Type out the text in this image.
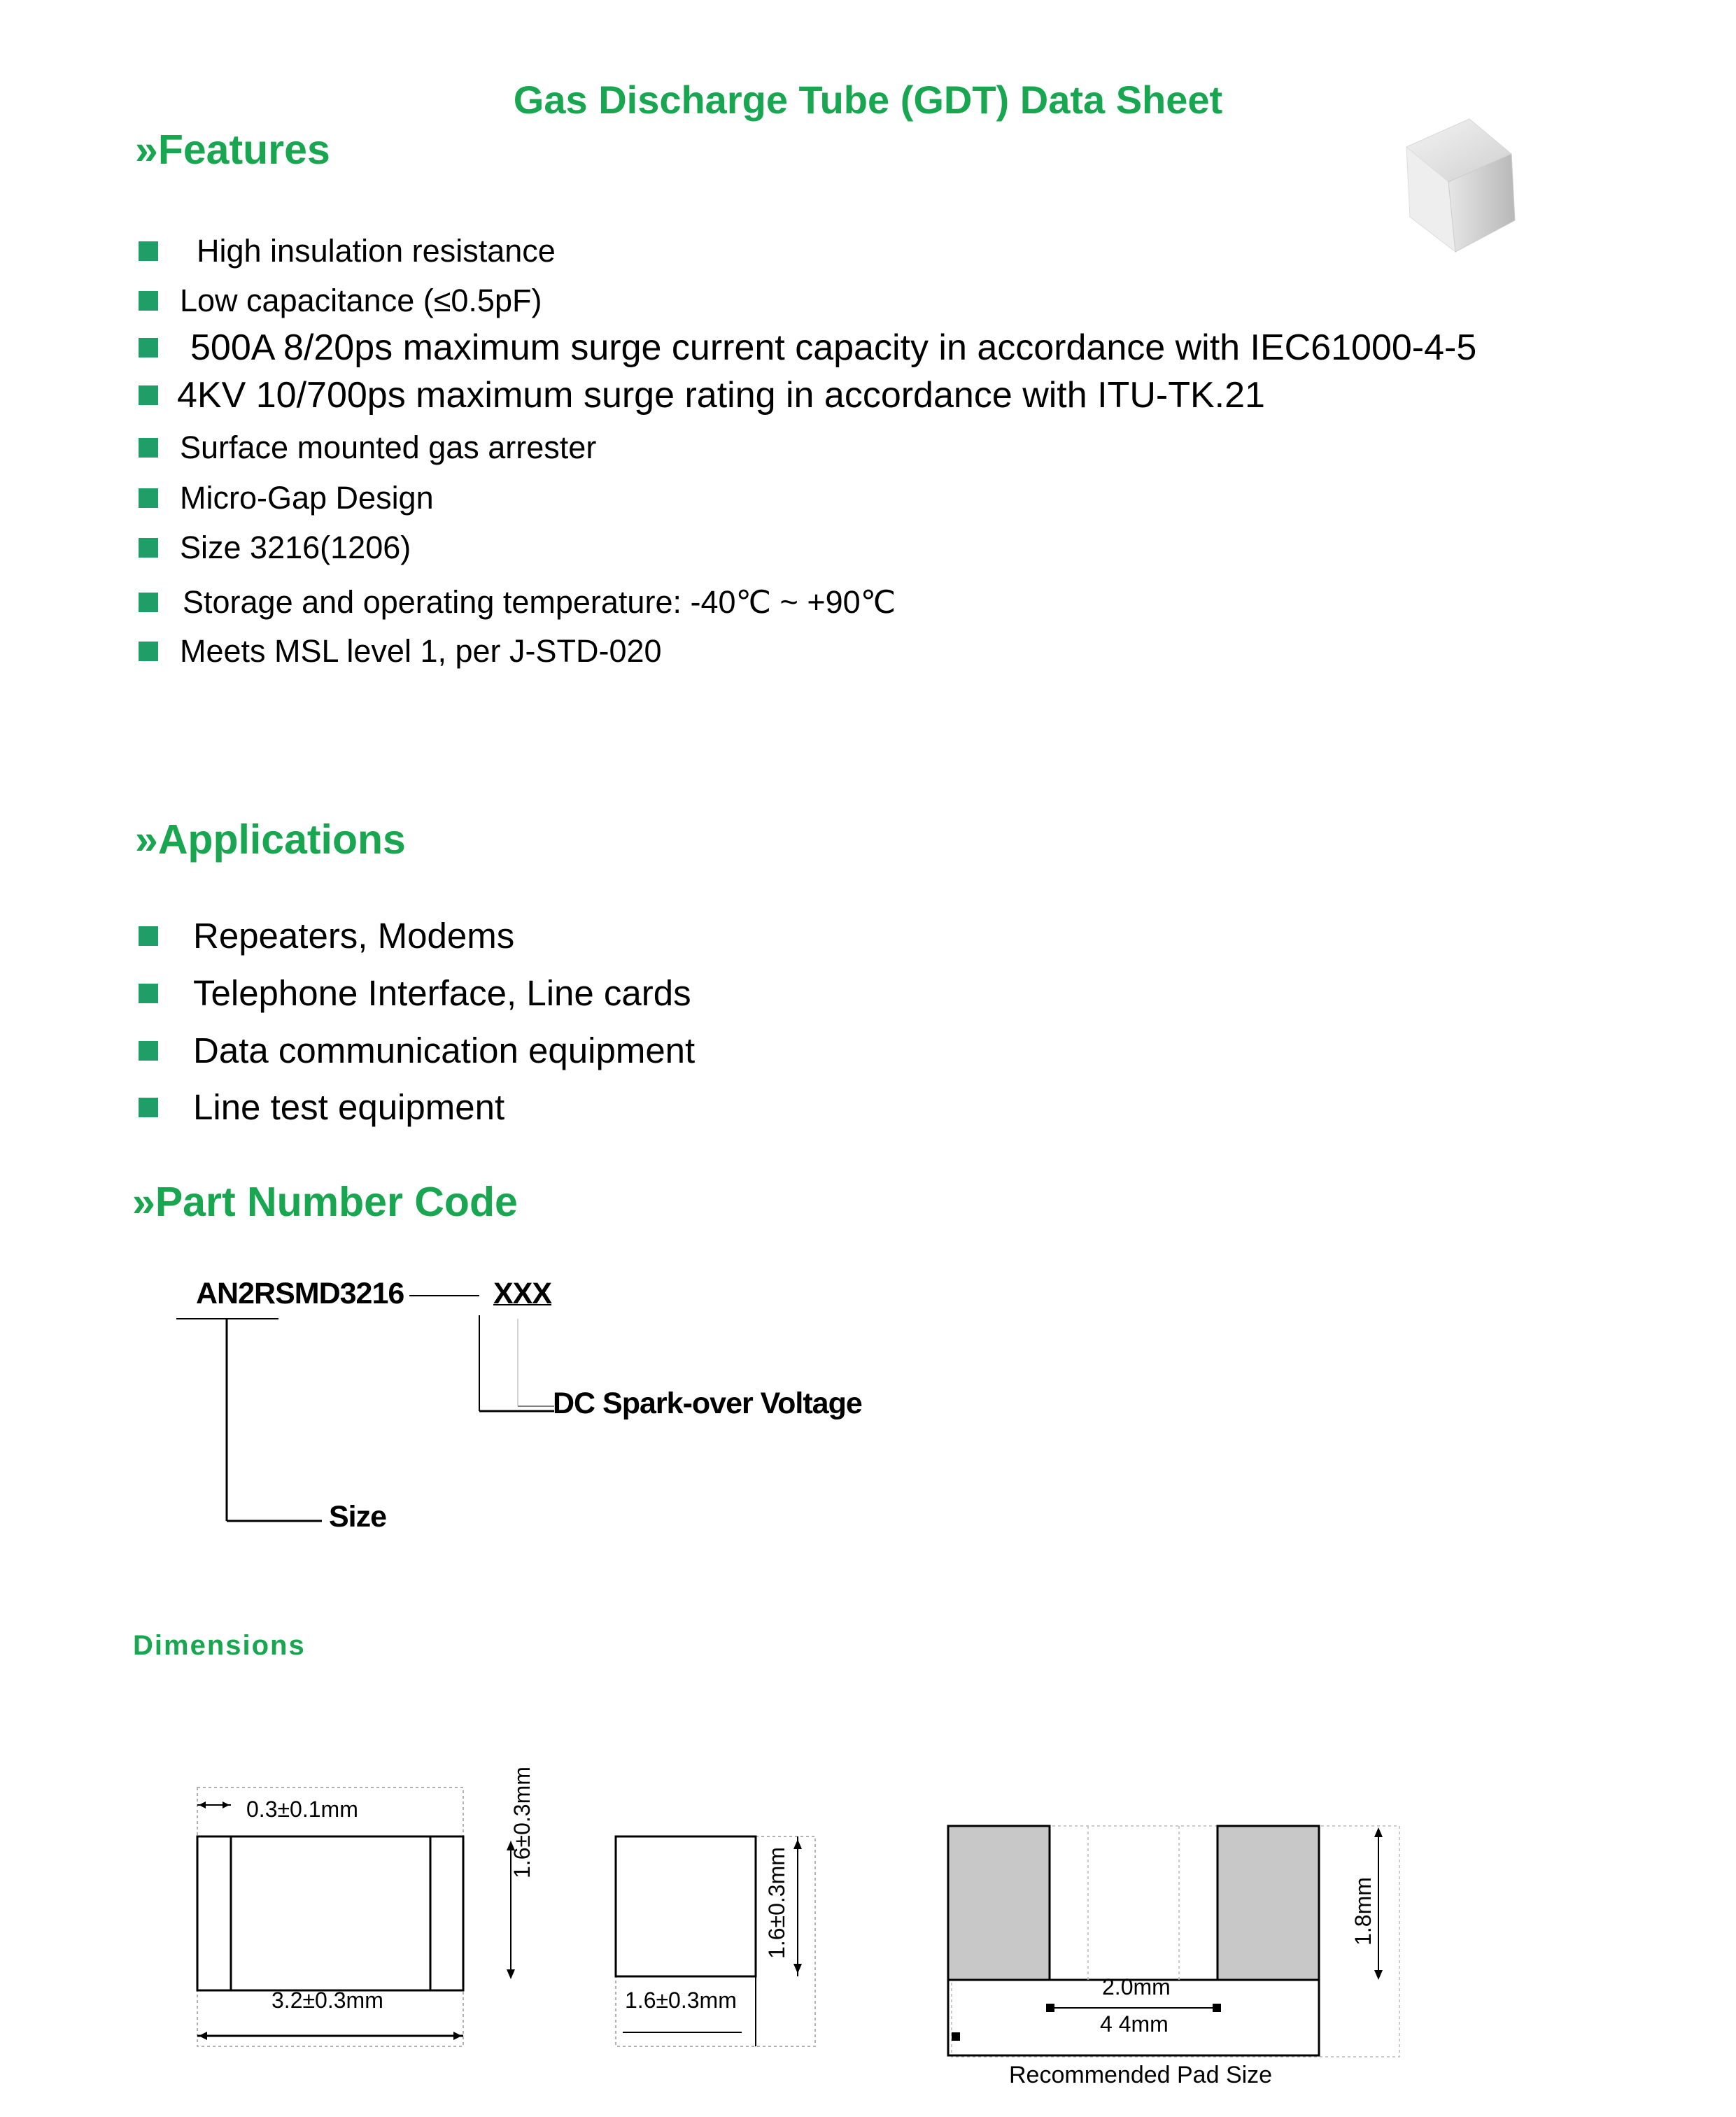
Gas Discharge Tube (GDT) Data Sheet
»Features
High insulation resistance
Low capacitance (≤0.5pF)
500A 8/20ps maximum surge current capacity in accordance with IEC61000-4-5
4KV 10/700ps maximum surge rating in accordance with ITU-TK.21
Surface mounted gas arrester
Micro-Gap Design
Size 3216(1206)
Storage and operating temperature: -40℃ ~ +90℃
Meets MSL level 1, per J-STD-020
»Applications
Repeaters, Modems
Telephone Interface, Line cards
Data communication equipment
Line test equipment
»Part Number Code
AN2RSMD3216	XXX
DC Spark-over Voltage
Size
Dimensions
0.3±0.1mm
3.2±0.3mm
1.6±0.3mm
1.6±0.3mm
1.6±0.3mm
2.0mm
4 4mm
1.8mm
Recommended Pad Size
